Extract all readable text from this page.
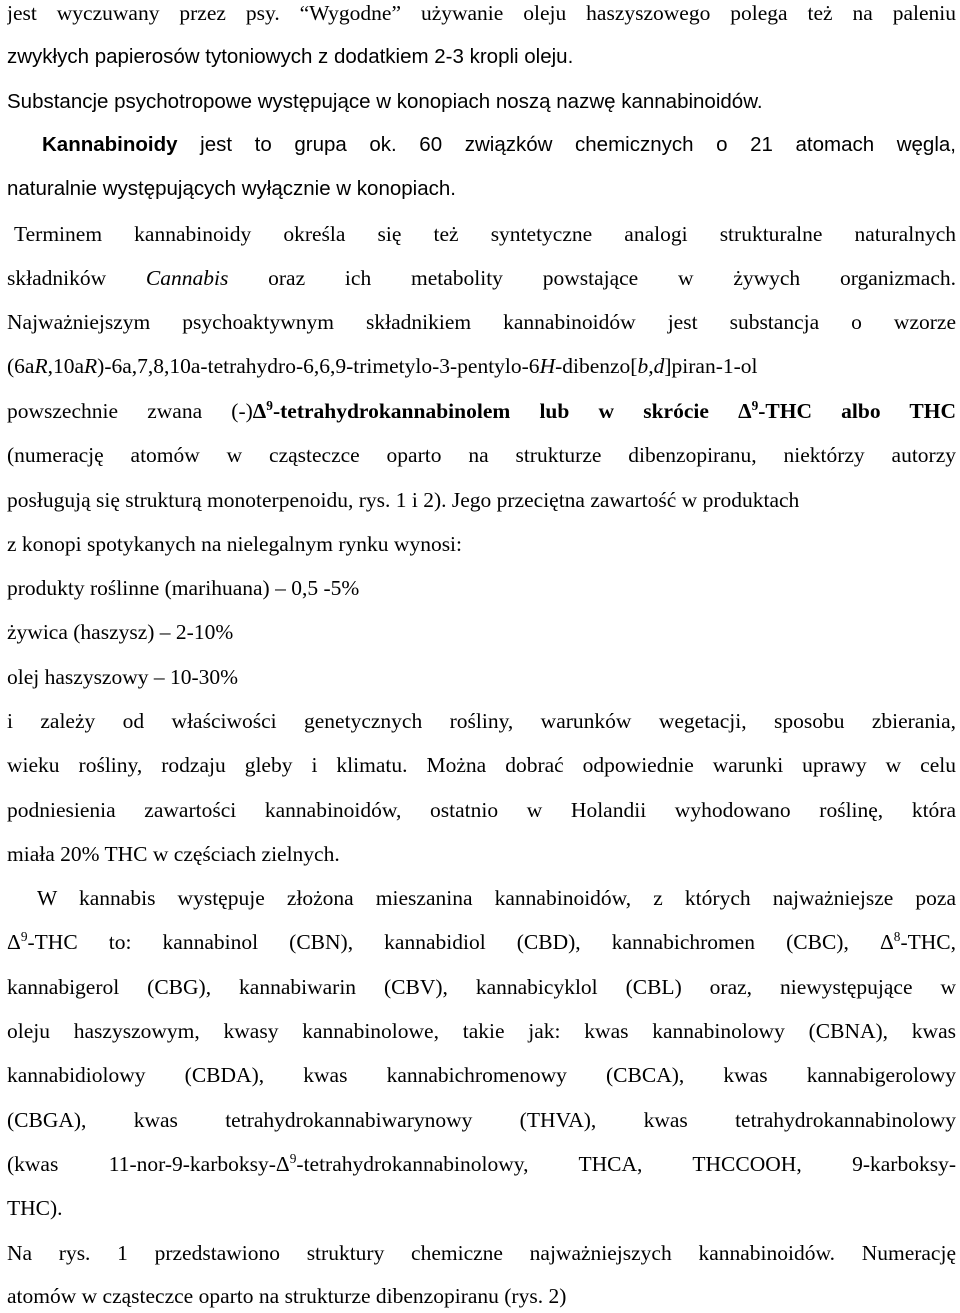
jest wyczuwany przez psy. “Wygodne” używanie oleju haszyszowego polega też na paleniu
zwykłych papierosów tytoniowych z dodatkiem 2-3 kropli oleju.
Substancje psychotropowe występujące w konopiach noszą nazwę kannabinoidów.
Kannabinoidy jest to grupa ok. 60 związków chemicznych o 21 atomach węgla,
naturalnie występujących wyłącznie w konopiach.
Terminem kannabinoidy określa się też syntetyczne analogi strukturalne naturalnych
składników Cannabis oraz ich metabolity powstające w żywych organizmach.
Najważniejszym psychoaktywnym składnikiem kannabinoidów jest substancja o wzorze
(6aR,10aR)-6a,7,8,10a-tetrahydro-6,6,9-trimetylo-3-pentylo-6H-dibenzo[b,d]piran-1-ol
powszechnie zwana $(-)\Delta^9$-tetrahydrokannabinolem lub w skrócie $\Delta^9$-THC albo THC
(numerację atomów w cząsteczce oparto na strukturze dibenzopiranu, niektórzy autorzy
posługują się strukturą monoterpenoidu, rys. 1 i 2). Jego przeciętna zawartość w produktach
z konopi spotykanych na nielegalnym rynku wynosi:
produkty roślinne (marihuana) – 0,5 -5%
żywica (haszysz) – 2-10%
olej haszyszowy – 10-30%
i zależy od właściwości genetycznych rośliny, warunków wegetacji, sposobu zbierania,
wieku rośliny, rodzaju gleby i klimatu. Można dobrać odpowiednie warunki uprawy w celu
podniesienia zawartości kannabinoidów, ostatnio w Holandii wyhodowano roślinę, która
miała 20% THC w częściach zielnych.
W kannabis występuje złożona mieszanina kannabinoidów, z których najważniejsze poza
$\Delta^9$-THC to: kannabinol (CBN), kannabidiol (CBD), kannabichromen (CBC), $\Delta^8$-THC,
kannabigerol (CBG), kannabiwarin (CBV), kannabicyklol (CBL) oraz, niewystępujące w
oleju haszyszowym, kwasy kannabinolowe, takie jak: kwas kannabinolowy (CBNA), kwas
kannabidiolowy (CBDA), kwas kannabichromenowy (CBCA), kwas kannabigerolowy
(CBGA), kwas tetrahydrokannabiwarynowy (THVA), kwas tetrahydrokannabinolowy
(kwas $11-nor-9-karboksy-\Delta^9$-tetrahydrokannabinolowy, THCA, THCCOOH, 9-karboksy-
THC).
Na rys. 1 przedstawiono struktury chemiczne najważniejszych kannabinoidów. Numerację
atomów w cząsteczce oparto na strukturze dibenzopiranu (rys. 2)
